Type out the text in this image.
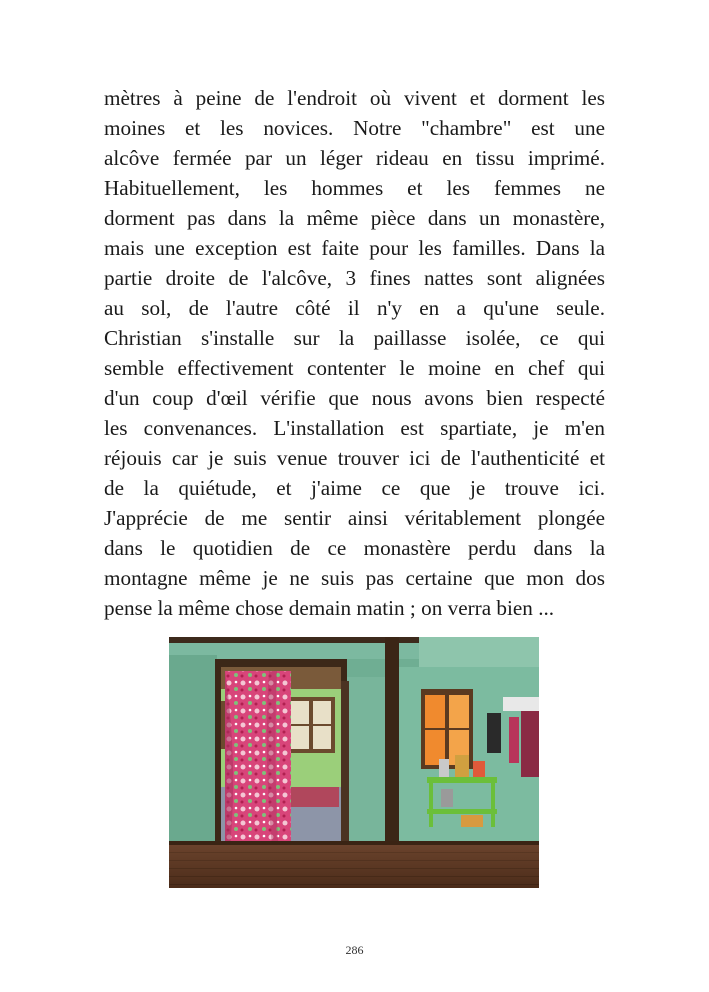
mètres à peine de l'endroit où vivent et dorment les
moines et les novices. Notre "chambre" est une
alcôve fermée par un léger rideau en tissu imprimé.
Habituellement, les hommes et les femmes ne
dorment pas dans la même pièce dans un monastère,
mais une exception est faite pour les familles. Dans la
partie droite de l'alcôve, 3 fines nattes sont alignées
au sol, de l'autre côté il n'y en a qu'une seule.
Christian s'installe sur la paillasse isolée, ce qui
semble effectivement contenter le moine en chef qui
d'un coup d'œil vérifie que nous avons bien respecté
les convenances. L'installation est spartiate, je m'en
réjouis car je suis venue trouver ici de l'authenticité et
de la quiétude, et j'aime ce que je trouve ici.
J'apprécie de me sentir ainsi véritablement plongée
dans le quotidien de ce monastère perdu dans la
montagne même je ne suis pas certaine que mon dos
pense la même chose demain matin ; on verra bien ...
286
